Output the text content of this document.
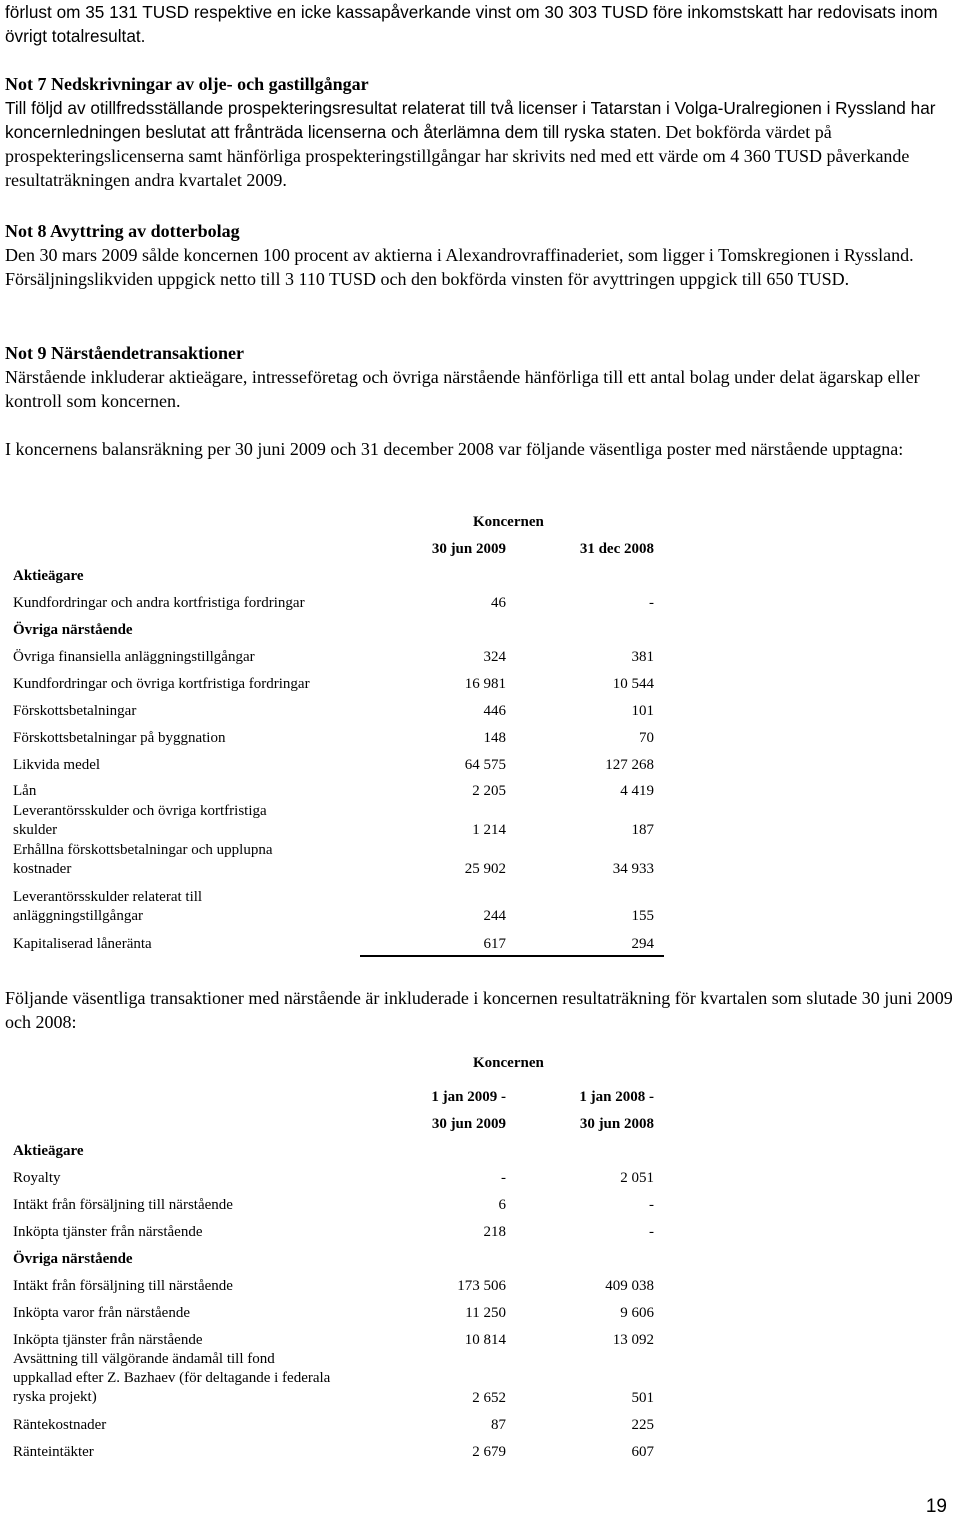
förlust om 35 131 TUSD respektive en icke kassapåverkande vinst om 30 303 TUSD före inkomstskatt har redovisats inom övrigt totalresultat.

Not 7 Nedskrivningar av olje- och gastillgångar

Till följd av otillfredsställande prospekteringsresultat relaterat till två licenser i Tatarstan i Volga-Uralregionen i Ryssland har koncernledningen beslutat att frånträda licenserna och återlämna dem till ryska staten. Det bokförda värdet på prospekteringslicenserna samt hänförliga prospekteringstillgångar har skrivits ned med ett värde om 4 360 TUSD påverkande resultaträkningen andra kvartalet 2009.

Not 8 Avyttring av dotterbolag

Den 30 mars 2009 sålde koncernen 100 procent av aktierna i Alexandrovraffinaderiet, som ligger i Tomskregionen i Ryssland. Försäljningslikviden uppgick netto till 3 110 TUSD och den bokförda vinsten för avyttringen uppgick till 650 TUSD.

Not 9 Närståendetransaktioner

Närstående inkluderar aktieägare, intresseföretag och övriga närstående hänförliga till ett antal bolag under delat ägarskap eller kontroll som koncernen.

I koncernens balansräkning per 30 juni 2009 och 31 december 2008 var följande väsentliga poster med närstående upptagna:

Koncernen
30 jun 2009	31 dec 2008
Aktieägare
Kundfordringar och andra kortfristiga fordringar	46	-
Övriga närstående
Övriga finansiella anläggningstillgångar	324	381
Kundfordringar och övriga kortfristiga fordringar	16 981	10 544
Förskottsbetalningar	446	101
Förskottsbetalningar på byggnation	148	70
Likvida medel	64 575	127 268
Lån	2 205	4 419
Leverantörsskulder och övriga kortfristiga skulder	1 214	187
Erhållna förskottsbetalningar och upplupna kostnader	25 902	34 933
Leverantörsskulder relaterat till anläggningstillgångar	244	155
Kapitaliserad låneränta	617	294

Följande väsentliga transaktioner med närstående är inkluderade i koncernen resultaträkning för kvartalen som slutade 30 juni 2009 och 2008:

Koncernen
1 jan 2009 -	1 jan 2008 -
30 jun 2009	30 jun 2008
Aktieägare
Royalty	-	2 051
Intäkt från försäljning till närstående	6	-
Inköpta tjänster från närstående	218	-
Övriga närstående
Intäkt från försäljning till närstående	173 506	409 038
Inköpta varor från närstående	11 250	9 606
Inköpta tjänster från närstående	10 814	13 092
Avsättning till välgörande ändamål till fond uppkallad efter Z. Bazhaev (för deltagande i federala ryska projekt)	2 652	501
Räntekostnader	87	225
Ränteintäkter	2 679	607
19
